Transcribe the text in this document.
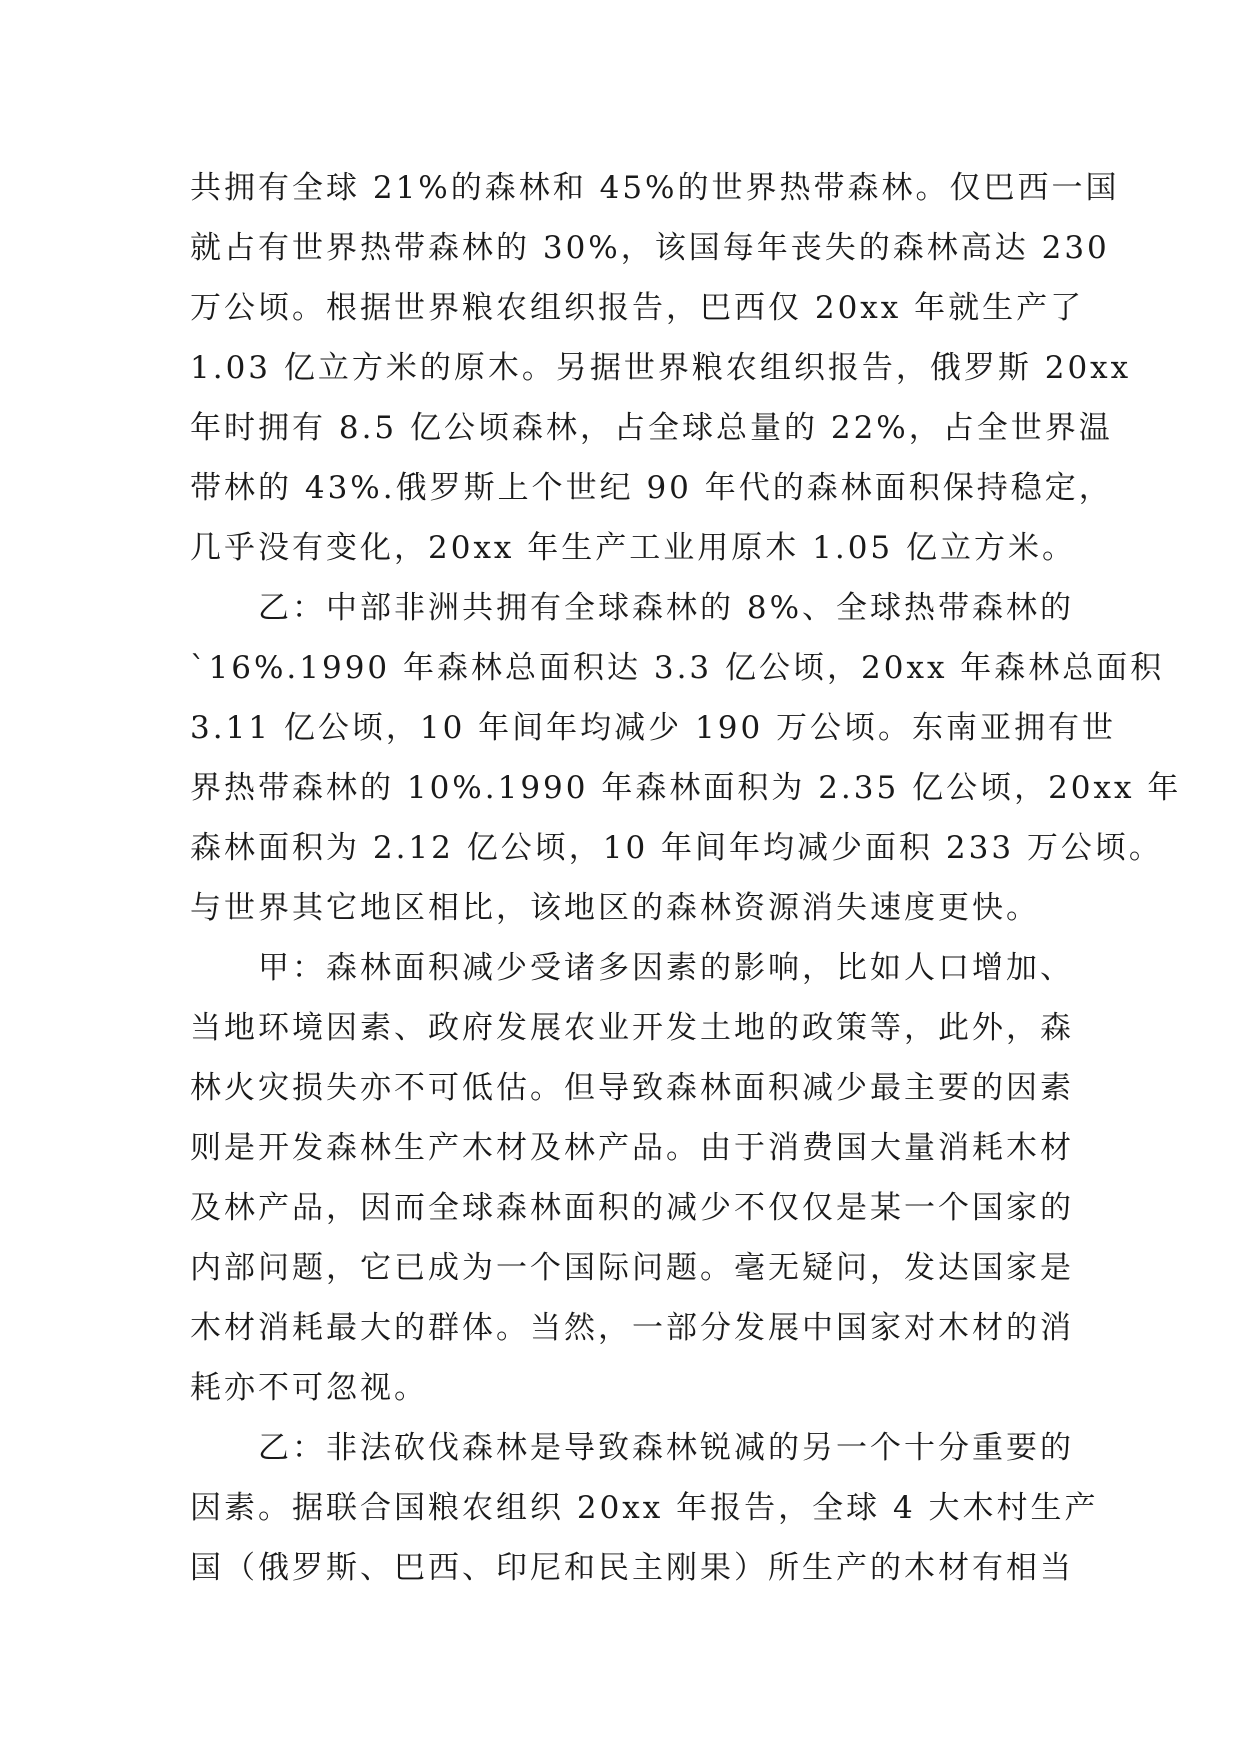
共拥有全球 21%的森林和 45%的世界热带森林。仅巴西一国
就占有世界热带森林的 30%，该国每年丧失的森林高达 230
万公顷。根据世界粮农组织报告，巴西仅 20xx 年就生产了
1.03 亿立方米的原木。另据世界粮农组织报告，俄罗斯 20xx
年时拥有 8.5 亿公顷森林，占全球总量的 22%，占全世界温
带林的 43%.俄罗斯上个世纪 90 年代的森林面积保持稳定，
几乎没有变化，20xx 年生产工业用原木 1.05 亿立方米。
乙：中部非洲共拥有全球森林的 8%、全球热带森林的
`16%.1990 年森林总面积达 3.3 亿公顷，20xx 年森林总面积
3.11 亿公顷，10 年间年均减少 190 万公顷。东南亚拥有世
界热带森林的 10%.1990 年森林面积为 2.35 亿公顷，20xx 年
森林面积为 2.12 亿公顷，10 年间年均减少面积 233 万公顷。
与世界其它地区相比，该地区的森林资源消失速度更快。
甲：森林面积减少受诸多因素的影响，比如人口增加、
当地环境因素、政府发展农业开发土地的政策等，此外，森
林火灾损失亦不可低估。但导致森林面积减少最主要的因素
则是开发森林生产木材及林产品。由于消费国大量消耗木材
及林产品，因而全球森林面积的减少不仅仅是某一个国家的
内部问题，它已成为一个国际问题。毫无疑问，发达国家是
木材消耗最大的群体。当然，一部分发展中国家对木材的消
耗亦不可忽视。
乙：非法砍伐森林是导致森林锐减的另一个十分重要的
因素。据联合国粮农组织 20xx 年报告，全球 4 大木村生产
国（俄罗斯、巴西、印尼和民主刚果）所生产的木材有相当
